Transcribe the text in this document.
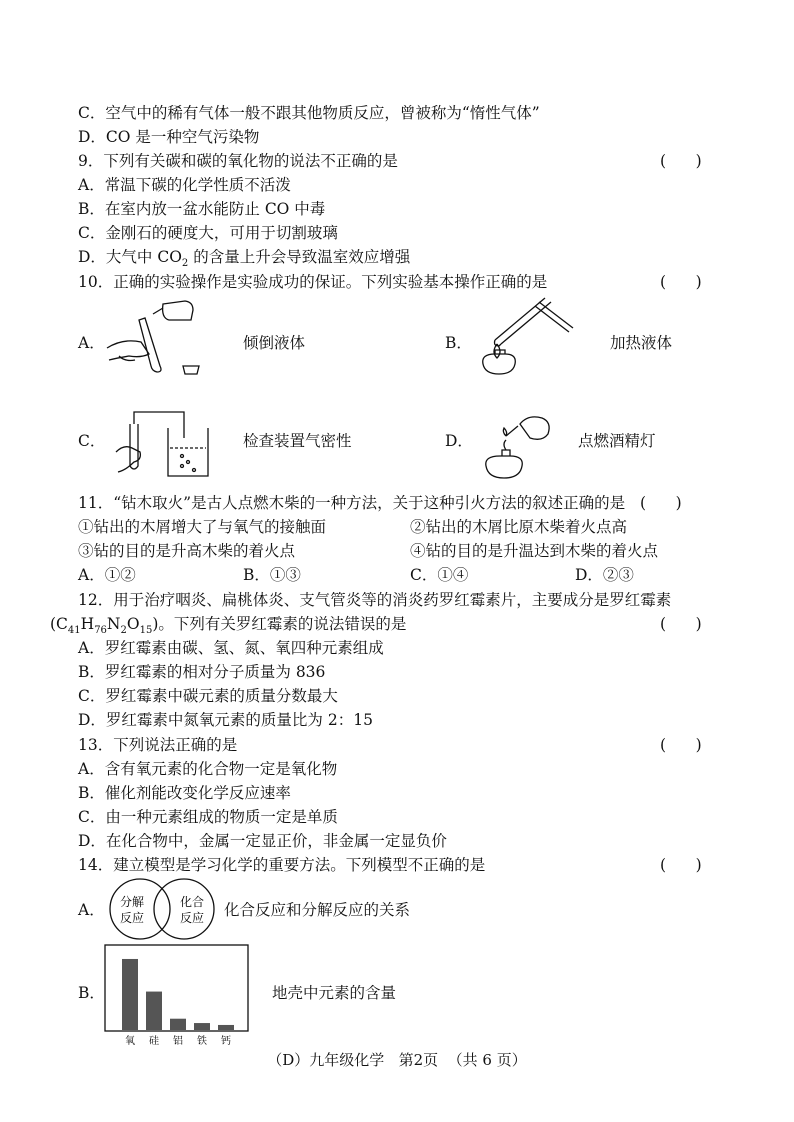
C．空气中的稀有气体一般不跟其他物质反应，曾被称为“惰性气体”
D．CO 是一种空气污染物
9．下列有关碳和碳的氧化物的说法不正确的是	(      )
A．常温下碳的化学性质不活泼
B．在室内放一盆水能防止 CO 中毒
C．金刚石的硬度大，可用于切割玻璃
D．大气中 $CO_2$ 的含量上升会导致温室效应增强
10．正确的实验操作是实验成功的保证。下列实验基本操作正确的是	(      )
A．	倾倒液体	B．	加热液体
C．	检查装置气密性	D．	点燃酒精灯
11．“钻木取火”是古人点燃木柴的一种方法，关于这种引火方法的叙述正确的是 (      )
①钻出的木屑增大了与氧气的接触面	②钻出的木屑比原木柴着火点高
③钻的目的是升高木柴的着火点	④钻的目的是升温达到木柴的着火点
A．①②	B．①③	C．①④	D．②③
12．用于治疗咽炎、扁桃体炎、支气管炎等的消炎药罗红霉素片，主要成分是罗红霉素
$(C_{41}H_{76}N_2O_{15})$。下列有关罗红霉素的说法错误的是	(      )
A．罗红霉素由碳、氢、氮、氧四种元素组成
B．罗红霉素的相对分子质量为 836
C．罗红霉素中碳元素的质量分数最大
D．罗红霉素中氮氧元素的质量比为 2：15
13．下列说法正确的是	(      )
A．含有氧元素的化合物一定是氧化物
B．催化剂能改变化学反应速率
C．由一种元素组成的物质一定是单质
D．在化合物中，金属一定显正价，非金属一定显负价
14．建立模型是学习化学的重要方法。下列模型不正确的是	(      )
A． 分解
反应
化合
反应 化合反应和分解反应的关系
B．
氧 硅 铝 铁 钙
地壳中元素的含量
（D）九年级化学   第2页  （共 6 页）
